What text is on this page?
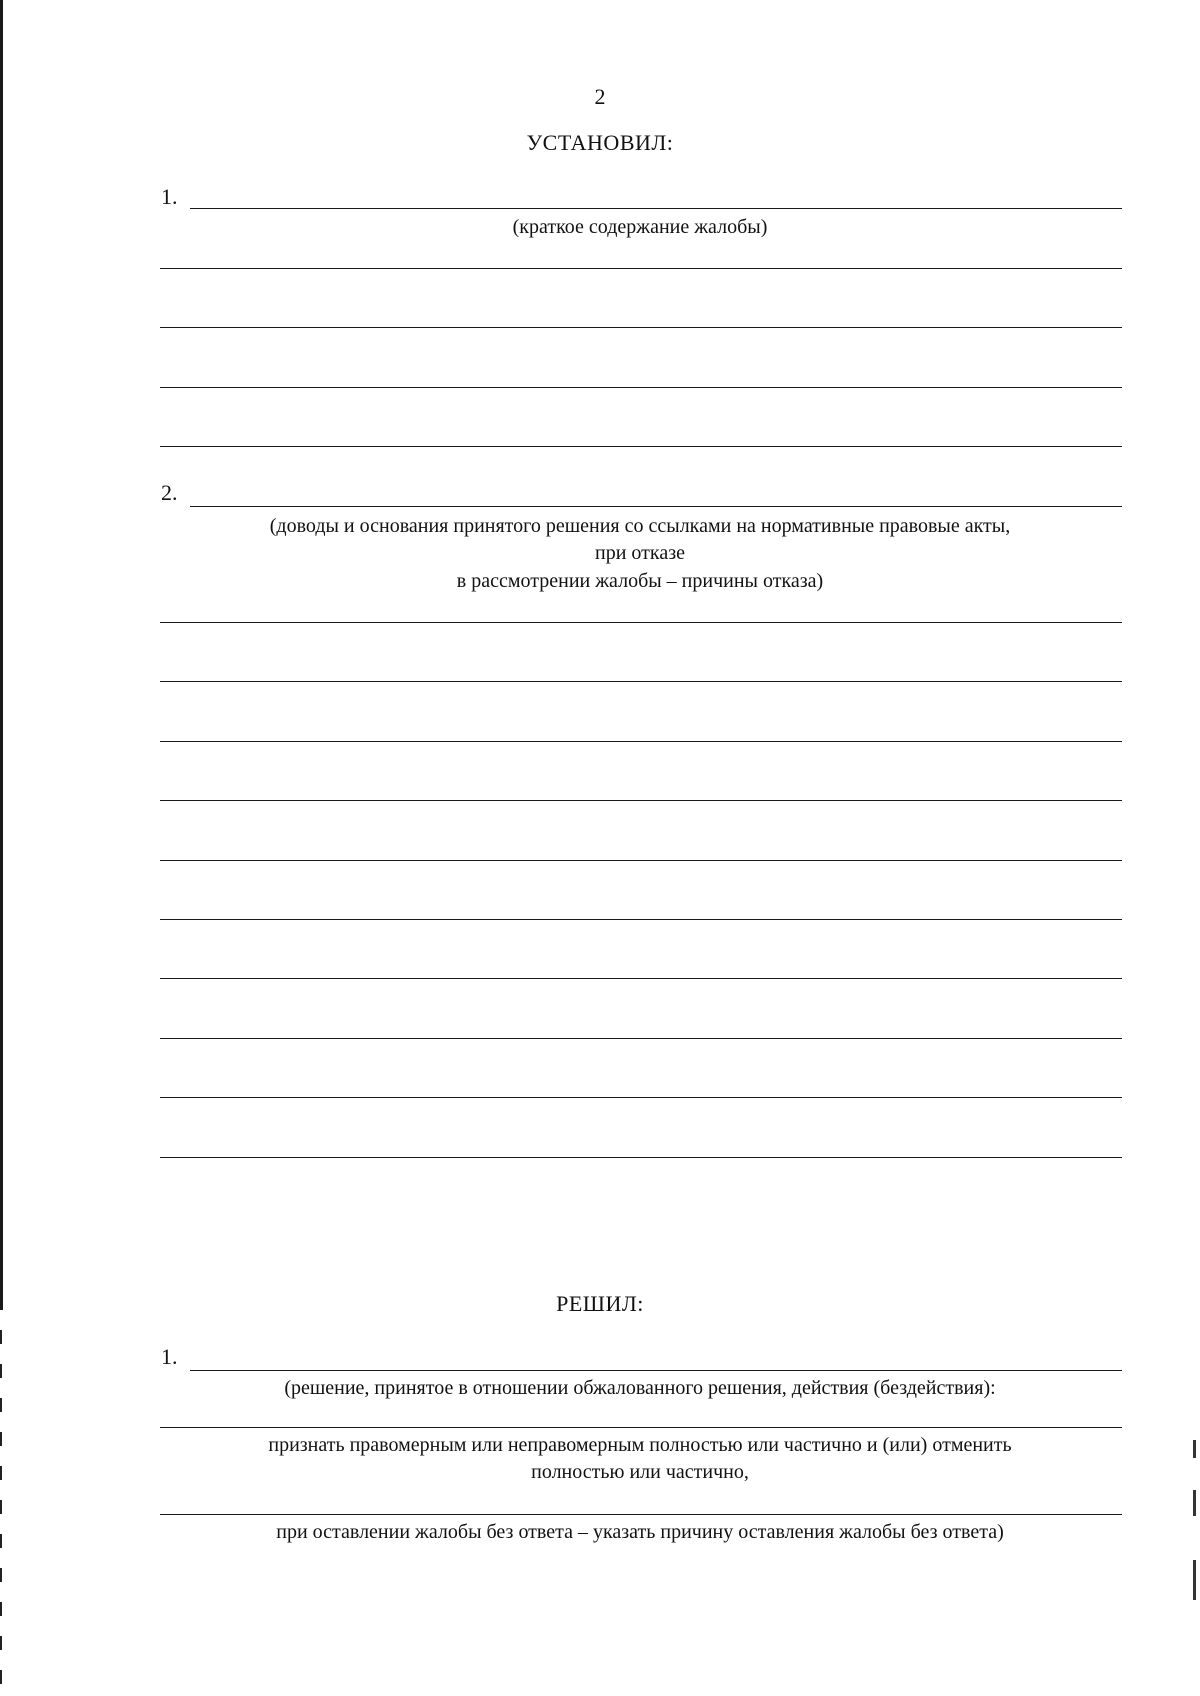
2
УСТАНОВИЛ:
1.
(краткое содержание жалобы)
2.
(доводы и основания принятого решения со ссылками на нормативные правовые акты,
при отказе
в рассмотрении жалобы – причины отказа)
РЕШИЛ:
1.
(решение, принятое в отношении обжалованного решения, действия (бездействия):
признать правомерным или неправомерным полностью или частично и (или) отменить
полностью или частично,
при оставлении жалобы без ответа – указать причину оставления жалобы без ответа)
